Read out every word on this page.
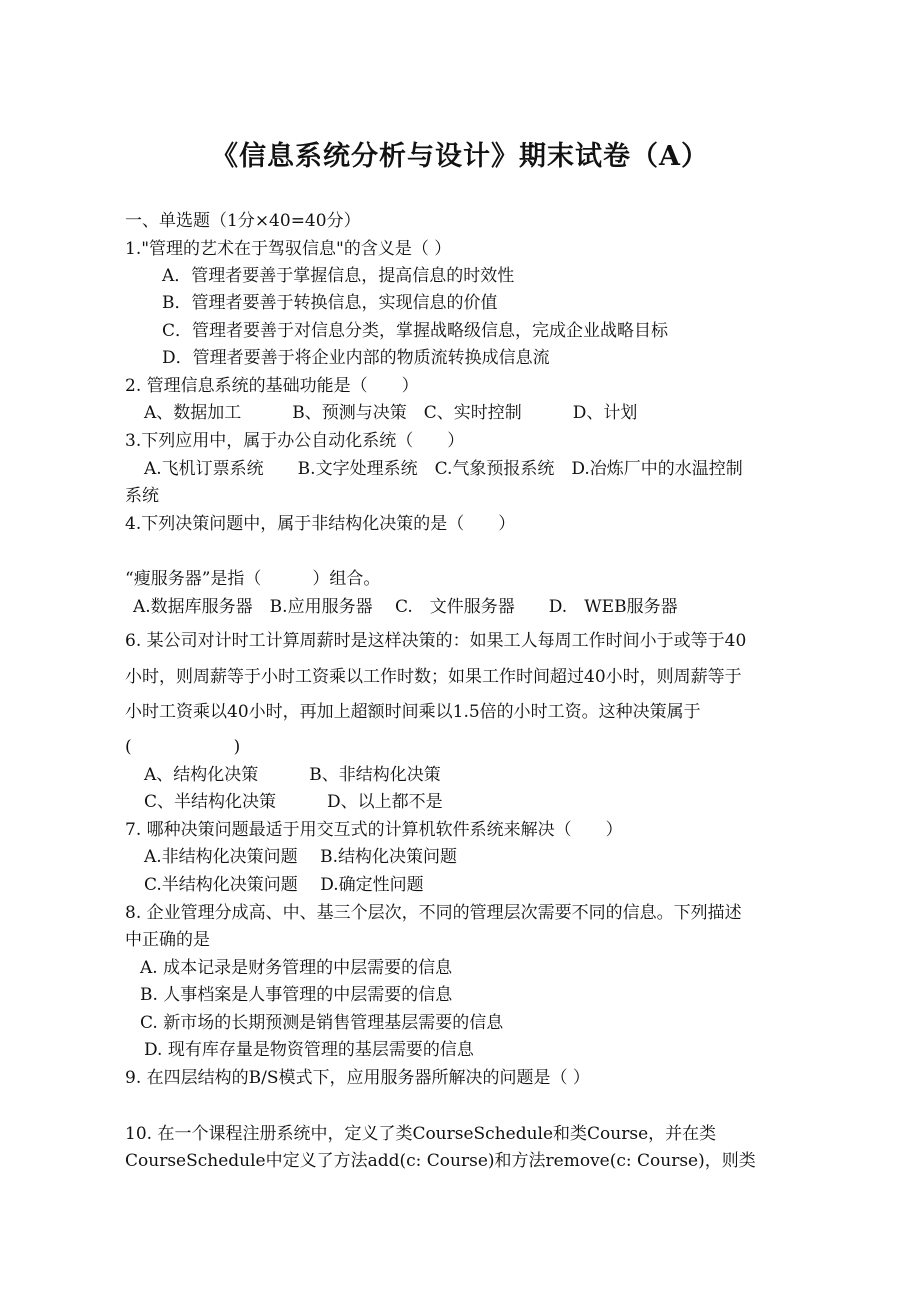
《信息系统分析与设计》期末试卷（A）
一、单选题（1分×40=40分）
1."管理的艺术在于驾驭信息"的含义是（ ）
A．管理者要善于掌握信息，提高信息的时效性
B．管理者要善于转换信息，实现信息的价值
C．管理者要善于对信息分类，掌握战略级信息，完成企业战略目标
D．管理者要善于将企业内部的物质流转换成信息流
2. 管理信息系统的基础功能是（　　）
A、数据加工　　　B、预测与决策　C、实时控制　　　D、计划
3.下列应用中，属于办公自动化系统（　　）
A.飞机订票系统　　B.文字处理系统　C.气象预报系统　D.冶炼厂中的水温控制
系统
4.下列决策问题中，属于非结构化决策的是（　　）
“瘦服务器”是指（　　　）组合。
A.数据库服务器　B.应用服务器　 C.　文件服务器　　D.　WEB服务器
6. 某公司对计时工计算周薪时是这样决策的：如果工人每周工作时间小于或等于40
小时，则周薪等于小时工资乘以工作时数；如果工作时间超过40小时，则周薪等于
小时工资乘以40小时，再加上超额时间乘以1.5倍的小时工资。这种决策属于
(　　　　　　)
A、结构化决策　　　B、非结构化决策
C、半结构化决策　　　D、以上都不是
7. 哪种决策问题最适于用交互式的计算机软件系统来解决（　　）
A.非结构化决策问题　 B.结构化决策问题
C.半结构化决策问题　 D.确定性问题
8. 企业管理分成高、中、基三个层次，不同的管理层次需要不同的信息。下列描述
中正确的是
A. 成本记录是财务管理的中层需要的信息
B. 人事档案是人事管理的中层需要的信息
C. 新市场的长期预测是销售管理基层需要的信息
D. 现有库存量是物资管理的基层需要的信息
9. 在四层结构的B/S模式下，应用服务器所解决的问题是（ ）
10. 在一个课程注册系统中，定义了类CourseSchedule和类Course，并在类
CourseSchedule中定义了方法add(c: Course)和方法remove(c: Course)，则类
